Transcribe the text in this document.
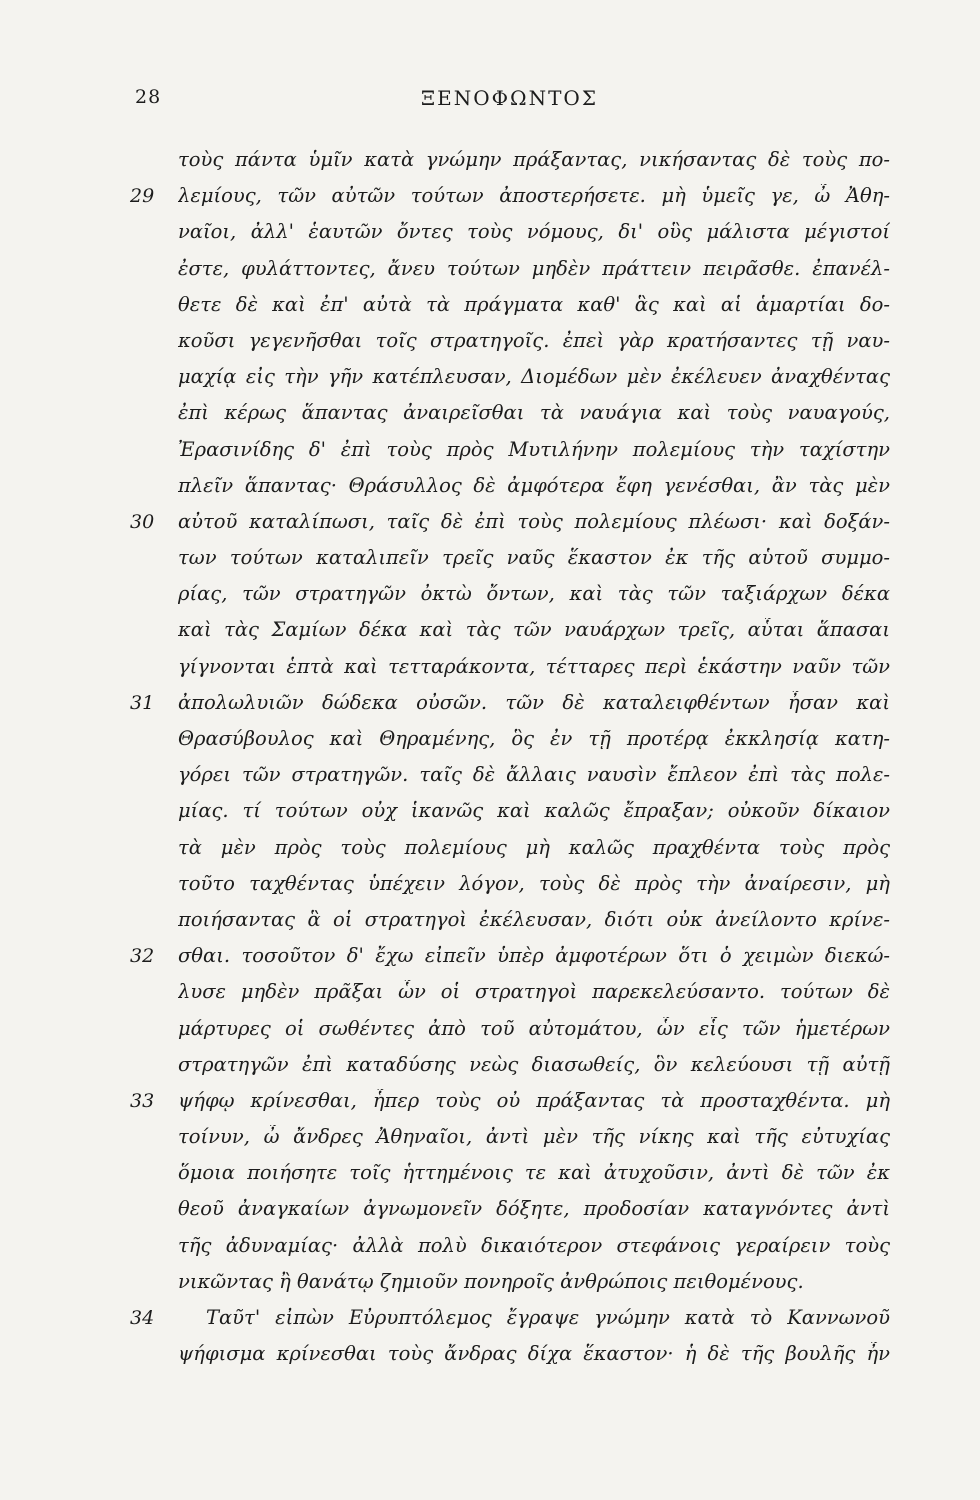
28	ΞΕΝΟΦΩΝΤΟΣ
τοὺς πάντα ὑμῖν κατὰ γνώμην πράξαντας, νικήσαντας δὲ τοὺς πο-
29 λεμίους, τῶν αὐτῶν τούτων ἀποστερήσετε. μὴ ὑμεῖς γε, ὦ Ἀθη-
ναῖοι, ἀλλ' ἑαυτῶν ὄντες τοὺς νόμους, δι' οὓς μάλιστα μέγιστοί
ἐστε, φυλάττοντες, ἄνευ τούτων μηδὲν πράττειν πειρᾶσθε. ἐπανέλ-
θετε δὲ καὶ ἐπ' αὐτὰ τὰ πράγματα καθ' ἃς καὶ αἱ ἁμαρτίαι δο-
κοῦσι γεγενῆσθαι τοῖς στρατηγοῖς. ἐπεὶ γὰρ κρατήσαντες τῇ ναυ-
μαχίᾳ εἰς τὴν γῆν κατέπλευσαν, Διομέδων μὲν ἐκέλευεν ἀναχθέντας
ἐπὶ κέρως ἅπαντας ἀναιρεῖσθαι τὰ ναυάγια καὶ τοὺς ναυαγούς,
Ἐρασινίδης δ' ἐπὶ τοὺς πρὸς Μυτιλήνην πολεμίους τὴν ταχίστην
πλεῖν ἅπαντας· Θράσυλλος δὲ ἀμφότερα ἔφη γενέσθαι, ἂν τὰς μὲν
30 αὐτοῦ καταλίπωσι, ταῖς δὲ ἐπὶ τοὺς πολεμίους πλέωσι· καὶ δοξάν-
των τούτων καταλιπεῖν τρεῖς ναῦς ἕκαστον ἐκ τῆς αὑτοῦ συμμο-
ρίας, τῶν στρατηγῶν ὀκτὼ ὄντων, καὶ τὰς τῶν ταξιάρχων δέκα
καὶ τὰς Σαμίων δέκα καὶ τὰς τῶν ναυάρχων τρεῖς, αὗται ἅπασαι
γίγνονται ἑπτὰ καὶ τετταράκοντα, τέτταρες περὶ ἑκάστην ναῦν τῶν
31 ἀπολωλυιῶν δώδεκα οὐσῶν. τῶν δὲ καταλειφθέντων ἦσαν καὶ
Θρασύβουλος καὶ Θηραμένης, ὃς ἐν τῇ προτέρᾳ ἐκκλησίᾳ κατη-
γόρει τῶν στρατηγῶν. ταῖς δὲ ἄλλαις ναυσὶν ἔπλεον ἐπὶ τὰς πολε-
μίας. τί τούτων οὐχ ἱκανῶς καὶ καλῶς ἔπραξαν; οὐκοῦν δίκαιον
τὰ μὲν πρὸς τοὺς πολεμίους μὴ καλῶς πραχθέντα τοὺς πρὸς
τοῦτο ταχθέντας ὑπέχειν λόγον, τοὺς δὲ πρὸς τὴν ἀναίρεσιν, μὴ
ποιήσαντας ἃ οἱ στρατηγοὶ ἐκέλευσαν, διότι οὐκ ἀνείλοντο κρίνε-
32 σθαι. τοσοῦτον δ' ἔχω εἰπεῖν ὑπὲρ ἀμφοτέρων ὅτι ὁ χειμὼν διεκώ-
λυσε μηδὲν πρᾶξαι ὧν οἱ στρατηγοὶ παρεκελεύσαντο. τούτων δὲ
μάρτυρες οἱ σωθέντες ἀπὸ τοῦ αὐτομάτου, ὧν εἷς τῶν ἡμετέρων
στρατηγῶν ἐπὶ καταδύσης νεὼς διασωθείς, ὃν κελεύουσι τῇ αὐτῇ
33 ψήφῳ κρίνεσθαι, ἧπερ τοὺς οὐ πράξαντας τὰ προσταχθέντα. μὴ
τοίνυν, ὦ ἄνδρες Ἀθηναῖοι, ἀντὶ μὲν τῆς νίκης καὶ τῆς εὐτυχίας
ὅμοια ποιήσητε τοῖς ἡττημένοις τε καὶ ἀτυχοῦσιν, ἀντὶ δὲ τῶν ἐκ
θεοῦ ἀναγκαίων ἀγνωμονεῖν δόξητε, προδοσίαν καταγνόντες ἀντὶ
τῆς ἀδυναμίας· ἀλλὰ πολὺ δικαιότερον στεφάνοις γεραίρειν τοὺς
νικῶντας ἢ θανάτῳ ζημιοῦν πονηροῖς ἀνθρώποις πειθομένους.
34	Ταῦτ' εἰπὼν Εὐρυπτόλεμος ἔγραψε γνώμην κατὰ τὸ Καννωνοῦ
ψήφισμα κρίνεσθαι τοὺς ἄνδρας δίχα ἕκαστον· ἡ δὲ τῆς βουλῆς ἦν
